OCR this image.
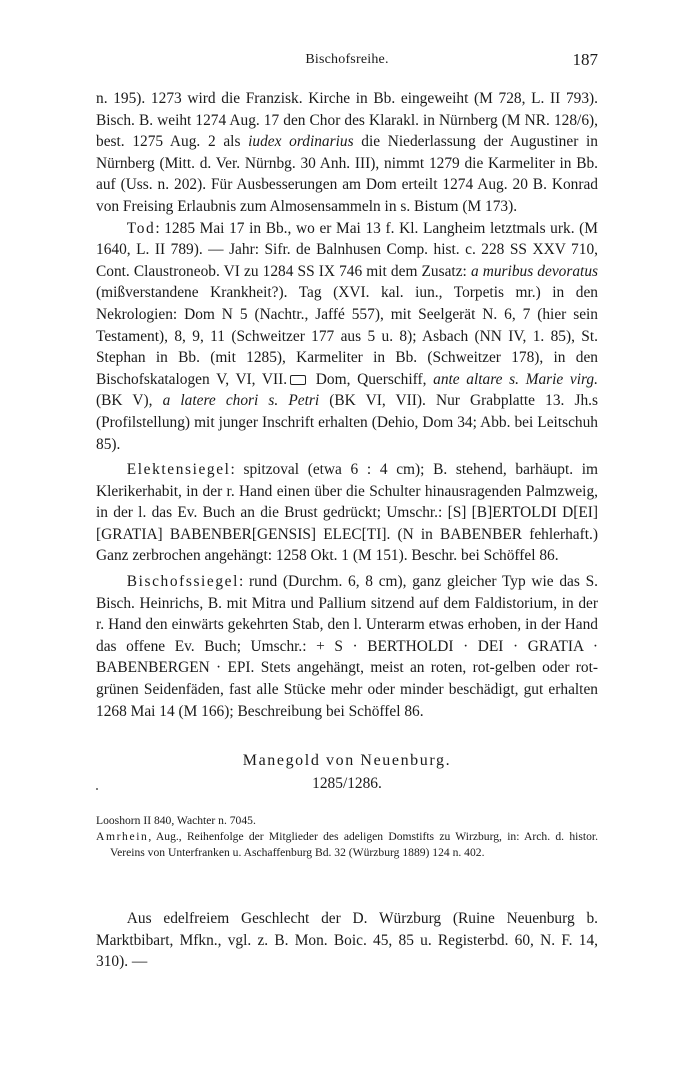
Bischofsreihe.	187

n. 195). 1273 wird die Franzisk. Kirche in Bb. eingeweiht (M 728, L. II 793). Bisch. B. weiht 1274 Aug. 17 den Chor des Klarakl. in Nürnberg (M NR. 128/6), best. 1275 Aug. 2 als iudex ordinarius die Niederlassung der Augustiner in Nürnberg (Mitt. d. Ver. Nürnbg. 30 Anh. III), nimmt 1279 die Karmeliter in Bb. auf (Uss. n. 202). Für Ausbesserungen am Dom erteilt 1274 Aug. 20 B. Konrad von Freising Erlaubnis zum Almosensammeln in s. Bistum (M 173).

Tod: 1285 Mai 17 in Bb., wo er Mai 13 f. Kl. Langheim letztmals urk. (M 1640, L. II 789). — Jahr: Sifr. de Balnhusen Comp. hist. c. 228 SS XXV 710, Cont. Claustroneob. VI zu 1284 SS IX 746 mit dem Zusatz: a muribus devoratus (mißverstandene Krankheit?). Tag (XVI. kal. iun., Torpetis mr.) in den Nekrologien: Dom N 5 (Nachtr., Jaffé 557), mit Seelgerät N. 6, 7 (hier sein Testament), 8, 9, 11 (Schweitzer 177 aus 5 u. 8); Asbach (NN IV, 1. 85), St. Stephan in Bb. (mit 1285), Karmeliter in Bb. (Schweitzer 178), in den Bischofskatalogen V, VI, VII. Dom, Querschiff, ante altare s. Marie virg. (BK V), a latere chori s. Petri (BK VI, VII). Nur Grabplatte 13. Jh.s (Profilstellung) mit junger Inschrift erhalten (Dehio, Dom 34; Abb. bei Leitschuh 85).

Elektensiegel: spitzoval (etwa 6 : 4 cm); B. stehend, barhäupt. im Klerikerhabit, in der r. Hand einen über die Schulter hinausragenden Palmzweig, in der l. das Ev. Buch an die Brust gedrückt; Umschr.: [S] [B]ERTOLDI D[EI] [GRATIA] BABENBER[GENSIS] ELEC[TI]. (N in BABENBER fehlerhaft.) Ganz zerbrochen angehängt: 1258 Okt. 1 (M 151). Beschr. bei Schöffel 86.

Bischofssiegel: rund (Durchm. 6, 8 cm), ganz gleicher Typ wie das S. Bisch. Heinrichs, B. mit Mitra und Pallium sitzend auf dem Faldistorium, in der r. Hand den einwärts gekehrten Stab, den l. Unterarm etwas erhoben, in der Hand das offene Ev. Buch; Umschr.: + S · BERTHOLDI · DEI · GRATIA · BABENBERGEN · EPI. Stets angehängt, meist an roten, rot-gelben oder rot-grünen Seidenfäden, fast alle Stücke mehr oder minder beschädigt, gut erhalten 1268 Mai 14 (M 166); Beschreibung bei Schöffel 86.

Manegold von Neuenburg.
1285/1286.

Looshorn II 840, Wachter n. 7045.

Amrhein, Aug., Reihenfolge der Mitglieder des adeligen Domstifts zu Wirzburg, in: Arch. d. histor. Vereins von Unterfranken u. Aschaffenburg Bd. 32 (Würzburg 1889) 124 n. 402.

Aus edelfreiem Geschlecht der D. Würzburg (Ruine Neuenburg b. Marktbibart, Mfkn., vgl. z. B. Mon. Boic. 45, 85 u. Registerbd. 60, N. F. 14, 310). —
